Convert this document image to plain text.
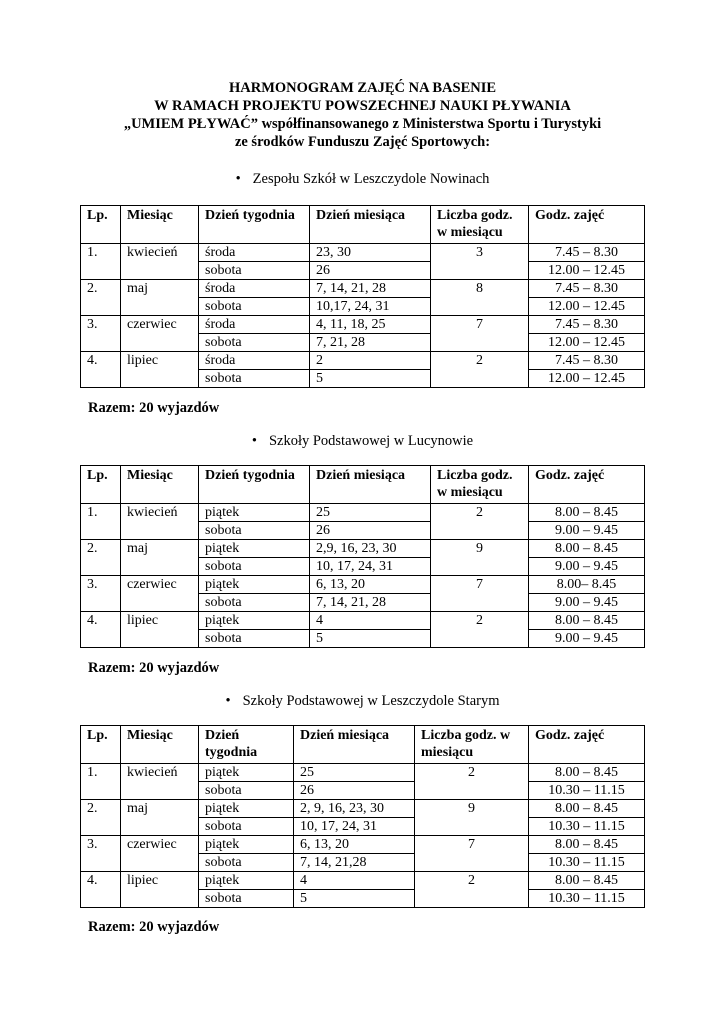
HARMONOGRAM ZAJĘĆ NA BASENIE
W RAMACH PROJEKTU POWSZECHNEJ NAUKI PŁYWANIA
„UMIEM PŁYWAĆ” współfinansowanego z Ministerstwa Sportu i Turystyki
ze środków Funduszu Zajęć Sportowych:
• Zespołu Szkół w Leszczydole Nowinach
Lp.	Miesiąc	Dzień tygodnia	Dzień miesiąca	Liczba godz. w miesiącu	Godz. zajęć
1.	kwiecień	środa	23, 30	3	7.45 – 8.30
		sobota	26		12.00 – 12.45
2.	maj	środa	7, 14, 21, 28	8	7.45 – 8.30
		sobota	10,17, 24, 31		12.00 – 12.45
3.	czerwiec	środa	4, 11, 18, 25	7	7.45 – 8.30
		sobota	7, 21, 28		12.00 – 12.45
4.	lipiec	środa	2	2	7.45 – 8.30
		sobota	5		12.00 – 12.45
Razem: 20 wyjazdów
• Szkoły Podstawowej w Lucynowie
Lp.	Miesiąc	Dzień tygodnia	Dzień miesiąca	Liczba godz. w miesiącu	Godz. zajęć
1.	kwiecień	piątek	25	2	8.00 – 8.45
		sobota	26		9.00 – 9.45
2.	maj	piątek	2,9, 16, 23, 30	9	8.00 – 8.45
		sobota	10, 17, 24, 31		9.00 – 9.45
3.	czerwiec	piątek	6, 13, 20	7	8.00– 8.45
		sobota	7, 14, 21, 28		9.00 – 9.45
4.	lipiec	piątek	4	2	8.00 – 8.45
		sobota	5		9.00 – 9.45
Razem: 20 wyjazdów
• Szkoły Podstawowej w Leszczydole Starym
Lp.	Miesiąc	Dzień tygodnia	Dzień miesiąca	Liczba godz. w miesiącu	Godz. zajęć
1.	kwiecień	piątek	25	2	8.00 – 8.45
		sobota	26		10.30 – 11.15
2.	maj	piątek	2, 9, 16, 23, 30	9	8.00 – 8.45
		sobota	10, 17, 24, 31		10.30 – 11.15
3.	czerwiec	piątek	6, 13, 20	7	8.00 – 8.45
		sobota	7, 14, 21,28		10.30 – 11.15
4.	lipiec	piątek	4	2	8.00 – 8.45
		sobota	5		10.30 – 11.15
Razem: 20 wyjazdów
